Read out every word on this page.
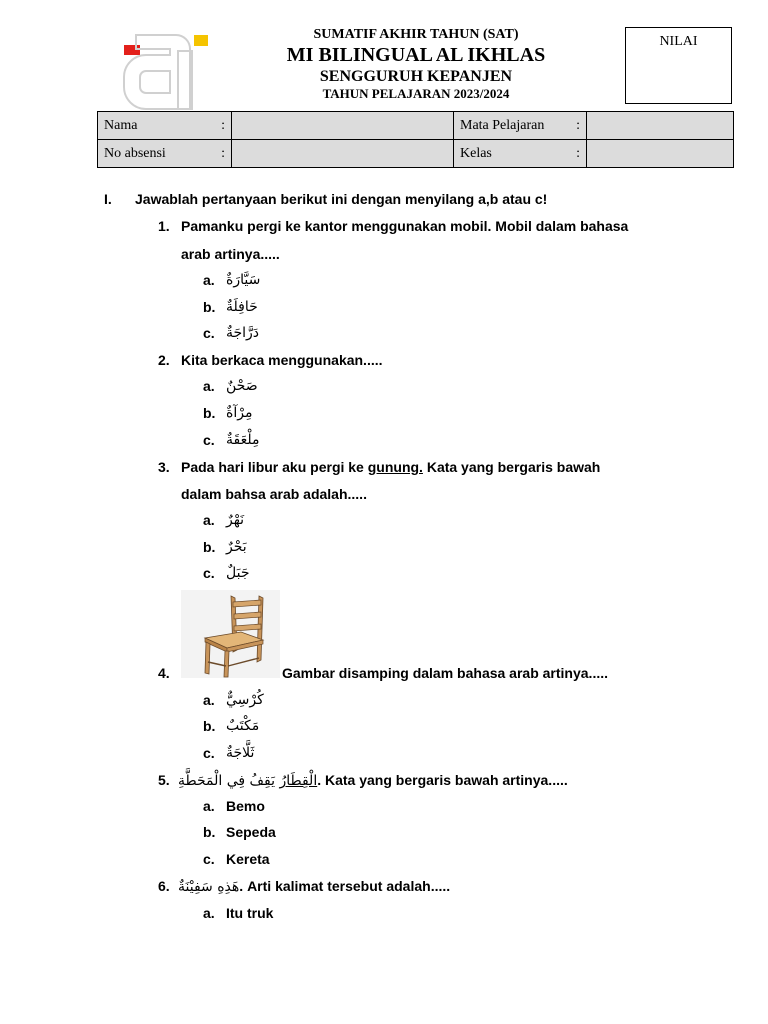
SUMATIF AKHIR TAHUN (SAT)
MI BILINGUAL AL IKHLAS
SENGGURUH KEPANJEN
TAHUN PELAJARAN 2023/2024
NILAI
Nama :		Mata Pelajaran :	

No absensi :		Kelas :	

I. Jawablah pertanyaan berikut ini dengan menyilang a,b atau c!
1. Pamanku pergi ke kantor menggunakan mobil. Mobil dalam bahasa
arab artinya.....
a. سَيَّارَةٌ
b. حَافِلَةٌ
c. دَرَّاجَةٌ
2. Kita berkaca menggunakan.....
a. صَحْنٌ
b. مِرْآةٌ
c. مِلْعَقَةٌ
3. Pada hari libur aku pergi ke gunung. Kata yang bergaris bawah
dalam bahsa arab adalah.....
a. نَهْرٌ
b. بَحْرٌ
c. جَبَلٌ
4.	Gambar disamping dalam bahasa arab artinya.....
a. كُرْسِيٌّ
b. مَكْتَبٌ
c. ثَلَّاجَةٌ
5.	الْقِطَارُ يَقِفُ فِي الْمَحَطَّةِ	. Kata yang bergaris bawah artinya.....
a. Bemo
b. Sepeda
c. Kereta
6. هَذِهِ سَفِيْنَةٌ. Arti kalimat tersebut adalah.....
a. Itu truk
